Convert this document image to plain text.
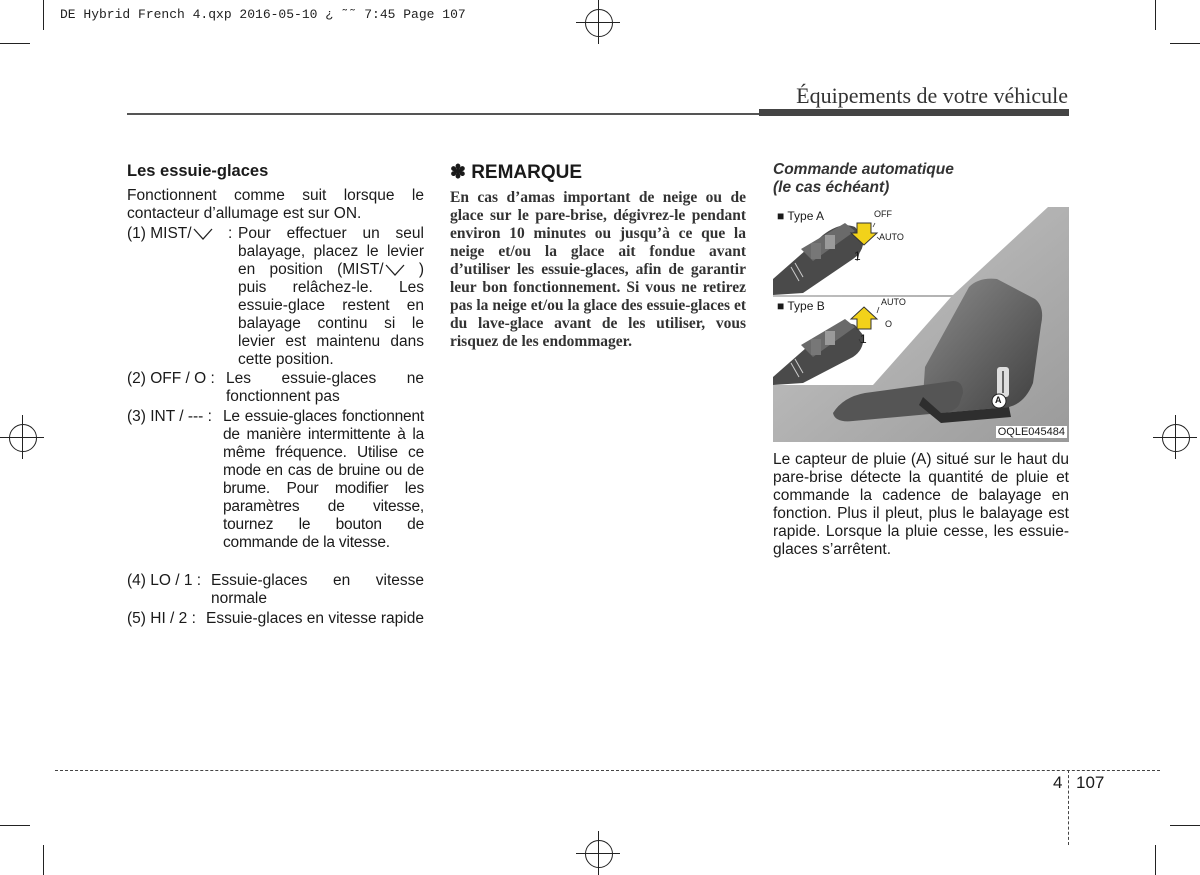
DE Hybrid French 4.qxp 2016-05-10 ¿ ˜˜ 7:45 Page 107
Équipements de votre véhicule
Les essuie-glaces
Fonctionnent comme suit lorsque le contacteur d’allumage est sur ON.
(1) MIST/	: Pour effectuer un seul balayage, placez le levier en position (MIST/ ) puis relâchez-le. Les essuie-glace restent en balayage continu si le levier est maintenu dans cette position.
(2) OFF / O : Les essuie-glaces ne fonctionnent pas
(3) INT / --- : Le essuie-glaces fonctionnent de manière intermittente à la même fréquence. Utilise ce mode en cas de bruine ou de brume. Pour modifier les paramètres de vitesse, tournez le bouton de commande de la vitesse.
(4) LO / 1 : Essuie-glaces en vitesse normale
(5) HI / 2 : Essuie-glaces en vitesse rapide
✽ REMARQUE
En cas d’amas important de neige ou de glace sur le pare-brise, dégivrez-le pendant environ 10 minutes ou jusqu’à ce que la neige et/ou la glace ait fondue avant d’utiliser les essuie-glaces, afin de garantir leur bon fonctionnement. Si vous ne retirez pas la neige et/ou la glace des essuie-glaces et du lave-glace avant de les utiliser, vous risquez de les endommager.
Commande automatique
(le cas échéant)
■ Type A	OFF
AUTO
1
■ Type B	AUTO
O
1
A
OQLE045484
Le capteur de pluie (A) situé sur le haut du pare-brise détecte la quantité de pluie et commande la cadence de balayage en fonction. Plus il pleut, plus le balayage est rapide. Lorsque la pluie cesse, les essuie-glaces s’arrêtent.
4 107
